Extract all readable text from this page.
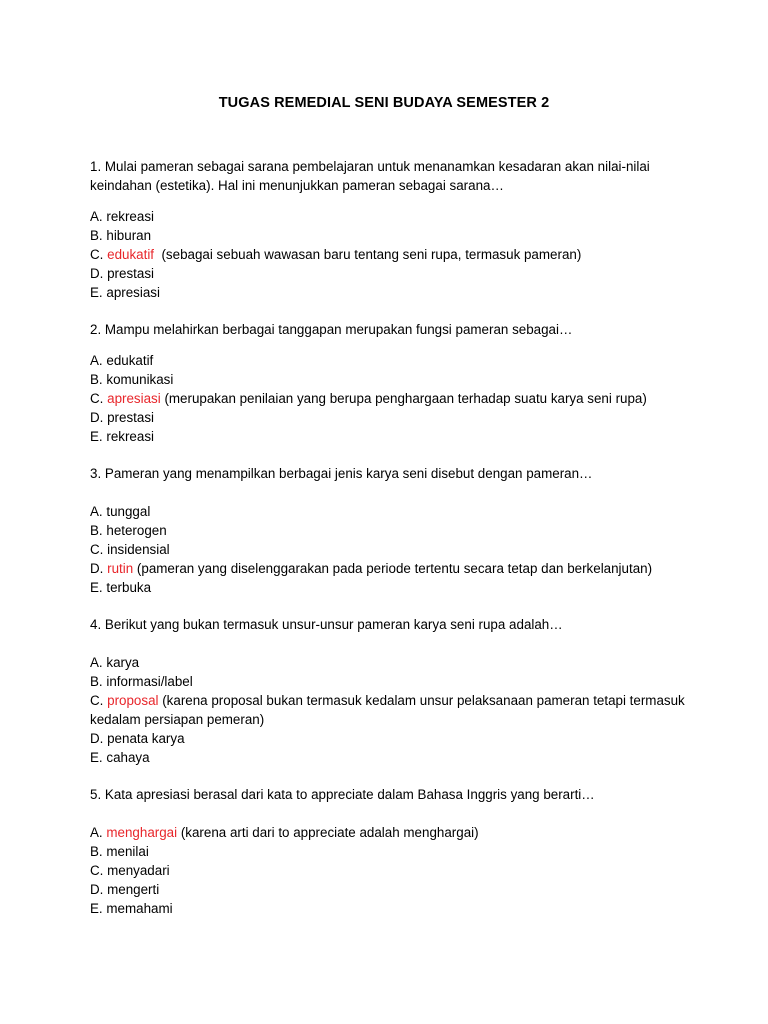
TUGAS REMEDIAL SENI BUDAYA SEMESTER 2
1. Mulai pameran sebagai sarana pembelajaran untuk menanamkan kesadaran akan nilai-nilai keindahan (estetika). Hal ini menunjukkan pameran sebagai sarana…
A. rekreasi
B. hiburan
C. edukatif  (sebagai sebuah wawasan baru tentang seni rupa, termasuk pameran)
D. prestasi
E. apresiasi
2. Mampu melahirkan berbagai tanggapan merupakan fungsi pameran sebagai…
A. edukatif
B. komunikasi
C. apresiasi (merupakan penilaian yang berupa penghargaan terhadap suatu karya seni rupa)
D. prestasi
E. rekreasi
3. Pameran yang menampilkan berbagai jenis karya seni disebut dengan pameran…
A. tunggal
B. heterogen
C. insidensial
D. rutin (pameran yang diselenggarakan pada periode tertentu secara tetap dan berkelanjutan)
E. terbuka
4. Berikut yang bukan termasuk unsur-unsur pameran karya seni rupa adalah…
A. karya
B. informasi/label
C. proposal (karena proposal bukan termasuk kedalam unsur pelaksanaan pameran tetapi termasuk kedalam persiapan pemeran)
D. penata karya
E. cahaya
5. Kata apresiasi berasal dari kata to appreciate dalam Bahasa Inggris yang berarti…
A. menghargai (karena arti dari to appreciate adalah menghargai)
B. menilai
C. menyadari
D. mengerti
E. memahami
